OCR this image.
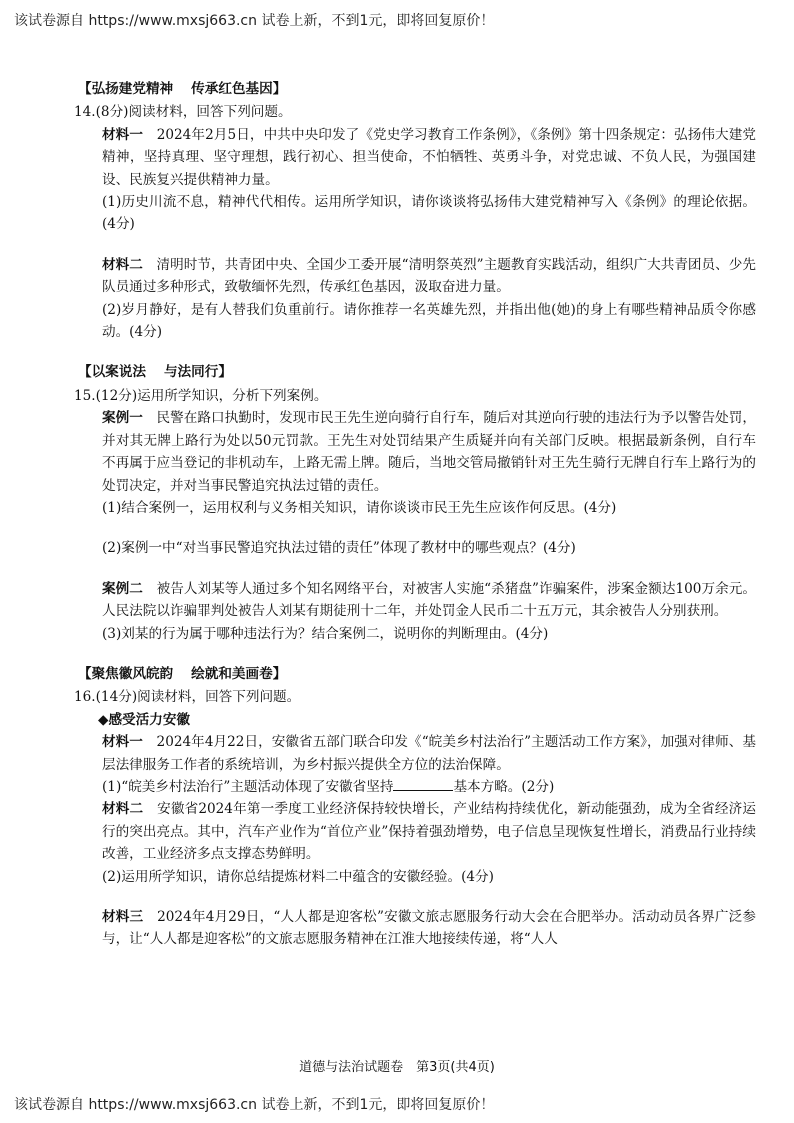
该试卷源自 https://www.mxsj663.cn 试卷上新，不到1元，即将回复原价！
【弘扬建党精神 传承红色基因】

14.(8分)阅读材料，回答下列问题。

材料一　 2024年2月5日，中共中央印发了《党史学习教育工作条例》，《条例》第十四条规定：弘扬伟大建党精神，坚持真理、坚守理想，践行初心、担当使命，不怕牺牲、英勇斗争，对党忠诚、不负人民，为强国建设、民族复兴提供精神力量。

(1)历史川流不息，精神代代相传。运用所学知识，请你谈谈将弘扬伟大建党精神写入《条例》的理论依据。(4分)

材料二　 清明时节，共青团中央、全国少工委开展“清明祭英烈”主题教育实践活动，组织广大共青团员、少先队员通过多种形式，致敬缅怀先烈，传承红色基因，汲取奋进力量。

(2)岁月静好，是有人替我们负重前行。请你推荐一名英雄先烈，并指出他(她)的身上有哪些精神品质令你感动。(4分)

【以案说法 与法同行】

15.(12分)运用所学知识，分析下列案例。

案例一　 民警在路口执勤时，发现市民王先生逆向骑行自行车，随后对其逆向行驶的违法行为予以警告处罚，并对其无牌上路行为处以50元罚款。王先生对处罚结果产生质疑并向有关部门反映。根据最新条例，自行车不再属于应当登记的非机动车，上路无需上牌。随后，当地交管局撤销针对王先生骑行无牌自行车上路行为的处罚决定，并对当事民警追究执法过错的责任。

(1)结合案例一，运用权利与义务相关知识，请你谈谈市民王先生应该作何反思。(4分)

(2)案例一中“对当事民警追究执法过错的责任”体现了教材中的哪些观点？(4分)

案例二　 被告人刘某等人通过多个知名网络平台，对被害人实施“杀猪盘”诈骗案件，涉案金额达100万余元。人民法院以诈骗罪判处被告人刘某有期徒刑十二年，并处罚金人民币二十五万元，其余被告人分别获刑。

(3)刘某的行为属于哪种违法行为？结合案例二，说明你的判断理由。(4分)

【聚焦徽风皖韵 绘就和美画卷】

16.(14分)阅读材料，回答下列问题。

◆感受活力安徽

材料一　 2024年4月22日，安徽省五部门联合印发《“皖美乡村法治行”主题活动工作方案》，加强对律师、基层法律服务工作者的系统培训，为乡村振兴提供全方位的法治保障。

(1)“皖美乡村法治行”主题活动体现了安徽省坚持	基本方略。(2分)

材料二　 安徽省2024年第一季度工业经济保持较快增长，产业结构持续优化，新动能强劲，成为全省经济运行的突出亮点。其中，汽车产业作为“首位产业”保持着强劲增势，电子信息呈现恢复性增长，消费品行业持续改善，工业经济多点支撑态势鲜明。

(2)运用所学知识，请你总结提炼材料二中蕴含的安徽经验。(4分)

材料三　 2024年4月29日，“人人都是迎客松”安徽文旅志愿服务行动大会在合肥举办。活动动员各界广泛参与，让“人人都是迎客松”的文旅志愿服务精神在江淮大地接续传递，将“人人

道德与法治试题卷　第3页(共4页)
该试卷源自 https://www.mxsj663.cn 试卷上新，不到1元，即将回复原价！
